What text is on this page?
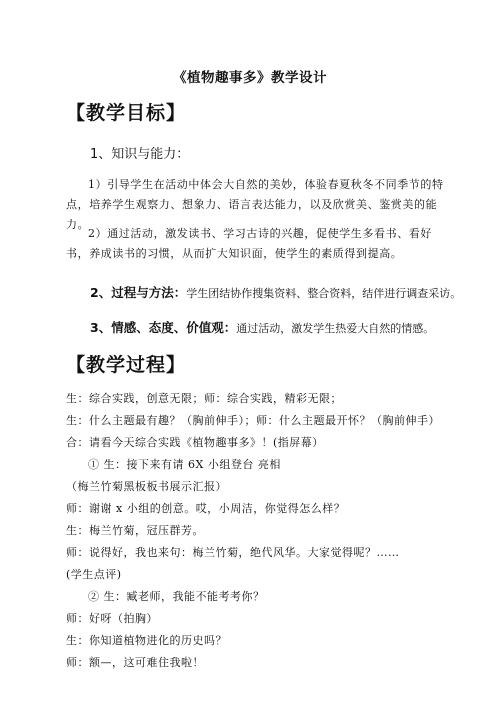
《植物趣事多》教学设计
【教学目标】
1、知识与能力：
1）引导学生在活动中体会大自然的美妙，体验春夏秋冬不同季节的特点，培养学生观察力、想象力、语言表达能力，以及欣赏美、鉴赏美的能力。
2）通过活动，激发读书、学习古诗的兴趣，促使学生多看书、看好书，养成读书的习惯，从而扩大知识面，使学生的素质得到提高。
2、过程与方法：学生团结协作搜集资料、整合资料，结伴进行调查采访。
3、情感、态度、价值观：通过活动，激发学生热爱大自然的情感。
【教学过程】
生：综合实践，创意无限；师：综合实践，精彩无限；
生：什么主题最有趣？（胸前伸手）；师：什么主题最开怀？（胸前伸手）
合：请看今天综合实践《植物趣事多》！(指屏幕）
① 生：接下来有请 6X 小组登台 亮相
（梅兰竹菊黑板板书展示汇报）
师：谢谢 x 小组的创意。哎，小周洁，你觉得怎么样？
生：梅兰竹菊，冠压群芳。
师：说得好，我也来句：梅兰竹菊，绝代风华。大家觉得呢？……
(学生点评)
② 生：臧老师，我能不能考考你？
师：好呀（拍胸）
生：你知道植物进化的历史吗？
师：额—，这可难住我啦！
